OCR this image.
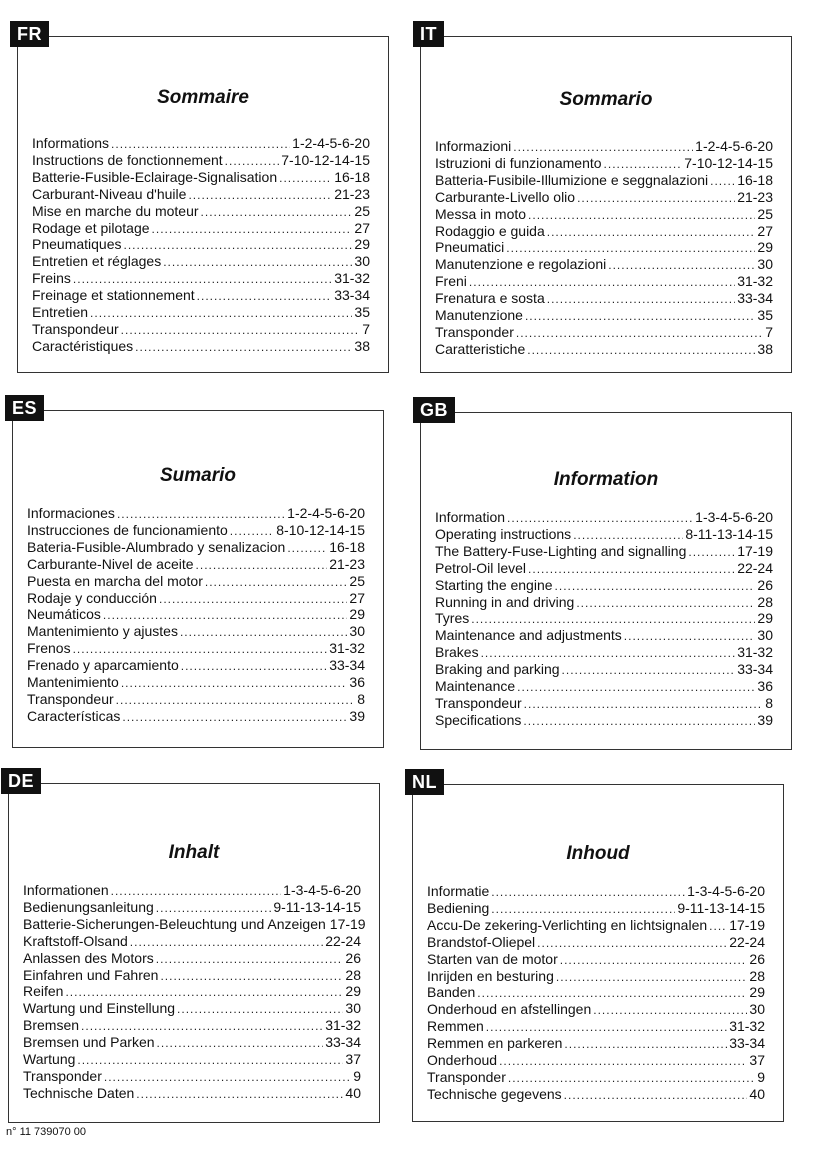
FR
Sommaire
Informations .....	1-2-4-5-6-20
Instructions de fonctionnement .....	7-10-12-14-15
Batterie-Fusible-Eclairage-Signalisation .....	16-18
Carburant-Niveau d'huile .....	21-23
Mise en marche du moteur .....	25
Rodage et pilotage .....	27
Pneumatiques .....	29
Entretien et réglages .....	30
Freins .....	31-32
Freinage et stationnement .....	33-34
Entretien .....	35
Transpondeur .....	7
Caractéristiques .....	38
IT
Sommario
Informazioni .....	1-2-4-5-6-20
Istruzioni di funzionamento .....	7-10-12-14-15
Batteria-Fusibile-Illumizione e seggnalazioni ..... 16-18
Carburante-Livello olio .....	21-23
Messa in moto .....	25
Rodaggio e guida .....	27
Pneumatici .....	29
Manutenzione e regolazioni .....	30
Freni .....	31-32
Frenatura e sosta .....	33-34
Manutenzione .....	35
Transponder .....	7
Caratteristiche .....	38
ES
Sumario
Informaciones .....	1-2-4-5-6-20
Instrucciones de funcionamiento .....	8-10-12-14-15
Bateria-Fusible-Alumbrado y senalizacion .....	16-18
Carburante-Nivel de aceite .....	21-23
Puesta en marcha del motor .....	25
Rodaje y conducción .....	27
Neumáticos .....	29
Mantenimiento y ajustes .....	30
Frenos .....	31-32
Frenado y aparcamiento .....	33-34
Mantenimiento .....	36
Transpondeur .....	8
Características .....	39
GB
Information
Information .....	1-3-4-5-6-20
Operating instructions .....	8-11-13-14-15
The Battery-Fuse-Lighting and signalling .....	17-19
Petrol-Oil level .....	22-24
Starting the engine .....	26
Running in and driving .....	28
Tyres .....	29
Maintenance and adjustments .....	30
Brakes .....	31-32
Braking and parking .....	33-34
Maintenance .....	36
Transpondeur .....	8
Specifications .....	39
DE
Inhalt
Informationen .....	1-3-4-5-6-20
Bedienungsanleitung .....	9-11-13-14-15
Batterie-Sicherungen-Beleuchtung und Anzeigen 17-19
Kraftstoff-Olsand .....	22-24
Anlassen des Motors .....	26
Einfahren und Fahren .....	28
Reifen .....	29
Wartung und Einstellung .....	30
Bremsen .....	31-32
Bremsen und Parken .....	33-34
Wartung .....	37
Transponder .....	9
Technische Daten .....	40
NL
Inhoud
Informatie .....	1-3-4-5-6-20
Bediening .....	9-11-13-14-15
Accu-De zekering-Verlichting en lichtsignalen ..... 17-19
Brandstof-Oliepel .....	22-24
Starten van de motor .....	26
Inrijden en besturing .....	28
Banden .....	29
Onderhoud en afstellingen .....	30
Remmen .....	31-32
Remmen en parkeren .....	33-34
Onderhoud .....	37
Transponder .....	9
Technische gegevens .....	40
n° 11 739070 00
